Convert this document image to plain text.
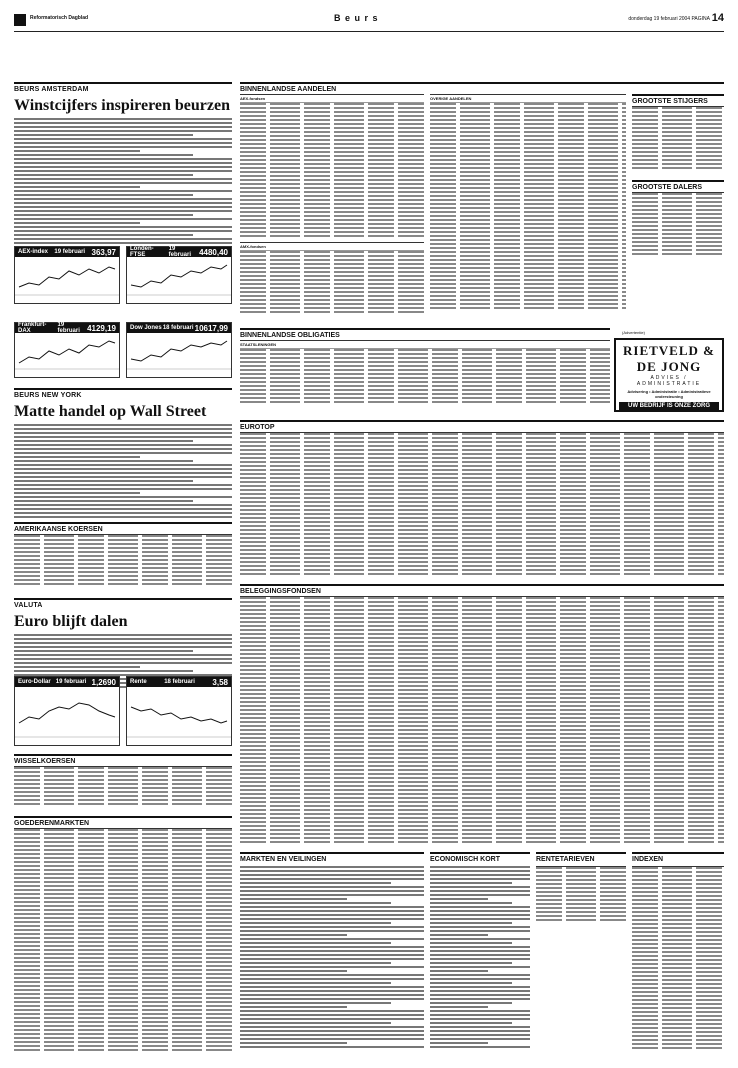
Reformatorisch Dagblad	B e u r s	donderdag 19 februari 2004 PAGINA 14
BEURS AMSTERDAM
Winstcijfers inspireren beurzen
AEX-index 19 februari 363,97 Londen-FTSE
19 februari	4480,40
Frankfurt-DAX
19 februari 4129,19 Dow Jones 18 februari 10617,99
BEURS NEW YORK
Matte handel op Wall Street
AMERIKAANSE KOERSEN
VALUTA
Euro blijft dalen
Euro-Dollar 19 februari 1,2690 Rente	18 februari 3,58
WISSELKOERSEN
GOEDERENMARKTEN
BINNENLANDSE AANDELEN
AEX-fondsen	OVERIGE AANDELEN	GROOTSTE STIJGERS
GROOTSTE DALERS
AMX-fondsen
BINNENLANDSE OBLIGATIES
STAATSLENINGEN
(Advertentie)
RIETVELD & DE JONG
ADVIES / ADMINISTRATIE
Advisering • Administratie • Administratieve ondersteuning
UW BEDRIJF IS ONZE ZORG
EUROTOP
BELEGGINGSFONDSEN
MARKTEN EN VEILINGEN	ECONOMISCH KORT	RENTETARIEVEN	INDEXEN
